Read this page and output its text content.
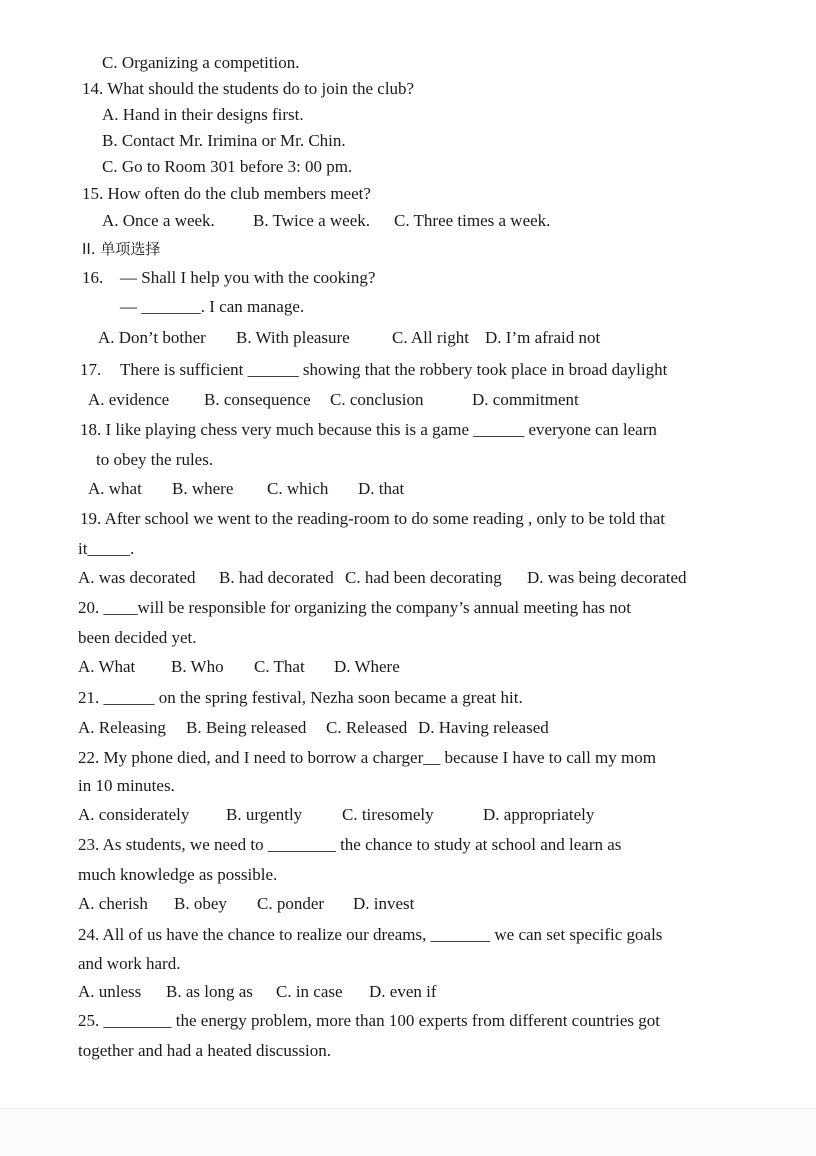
C. Organizing a competition.
14. What should the students do to join the club?
A. Hand in their designs first.
B. Contact Mr. Irimina or Mr. Chin.
C. Go to Room 301 before 3: 00 pm.
15. How often do the club members meet?
A. Once a week. B. Twice a week. C. Three times a week.
II. 单项选择
16. — Shall I help you with the cooking?
— _______. I can manage.
A. Don’t bother B. With pleasure C. All right D. I’m afraid not
17. There is sufficient ______ showing that the robbery took place in broad daylight
A. evidence B. consequence C. conclusion	D. commitment
18. I like playing chess very much because this is a game ______ everyone can learn
to obey the rules.
A. what B. where C. which D. that
19. After school we went to the reading-room to do some reading , only to be told that
it_____.
A. was decorated B. had decorated C. had been decorating D. was being decorated
20. ____will be responsible for organizing the company’s annual meeting has not
been decided yet.
A. What B. Who C. That D. Where
21. ______ on the spring festival, Nezha soon became a great hit.
A. Releasing B. Being released C. Released D. Having released
22. My phone died, and I need to borrow a charger__ because I have to call my mom
in 10 minutes.
A. considerately B. urgently C. tiresomely	D. appropriately
23. As students, we need to ________ the chance to study at school and learn as
much knowledge as possible.
A. cherish B. obey C. ponder D. invest
24. All of us have the chance to realize our dreams, _______ we can set specific goals
and work hard.
A. unless B. as long as C. in case D. even if
25. ________ the energy problem, more than 100 experts from different countries got
together and had a heated discussion.
